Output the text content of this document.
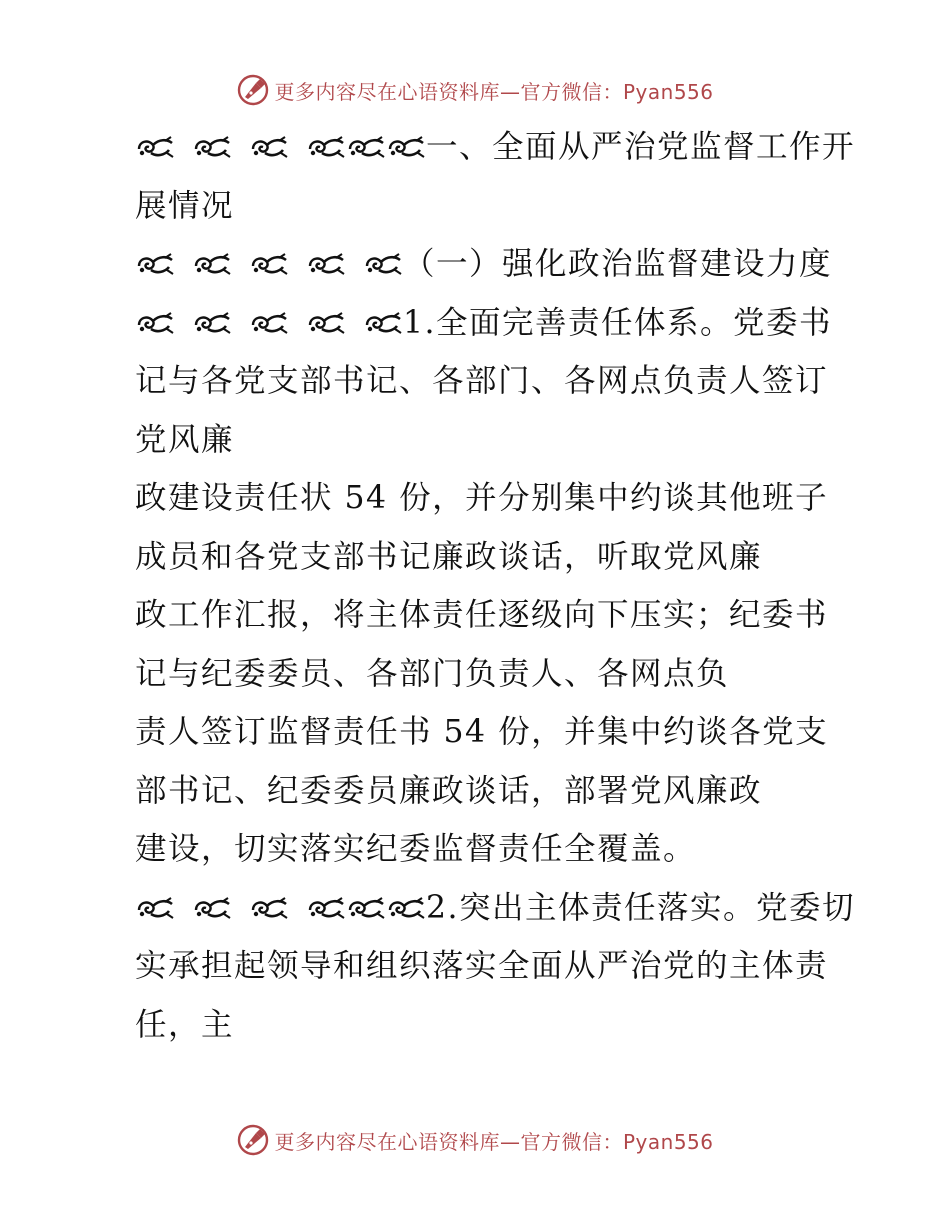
更多内容尽在心语资料库—官方微信：Pyan556

一、全面从严治党监督工作开展情况

（一）强化政治监督建设力度

1.全面完善责任体系。党委书记与各党支部书记、各部门、各网点负责人签订党风廉

政建设责任状 54 份，并分别集中约谈其他班子成员和各党支部书记廉政谈话，听取党风廉

政工作汇报，将主体责任逐级向下压实；纪委书记与纪委委员、各部门负责人、各网点负

责人签订监督责任书 54 份，并集中约谈各党支部书记、纪委委员廉政谈话，部署党风廉政

建设，切实落实纪委监督责任全覆盖。

2.突出主体责任落实。党委切实承担起领导和组织落实全面从严治党的主体责任，主

更多内容尽在心语资料库—官方微信：Pyan556
